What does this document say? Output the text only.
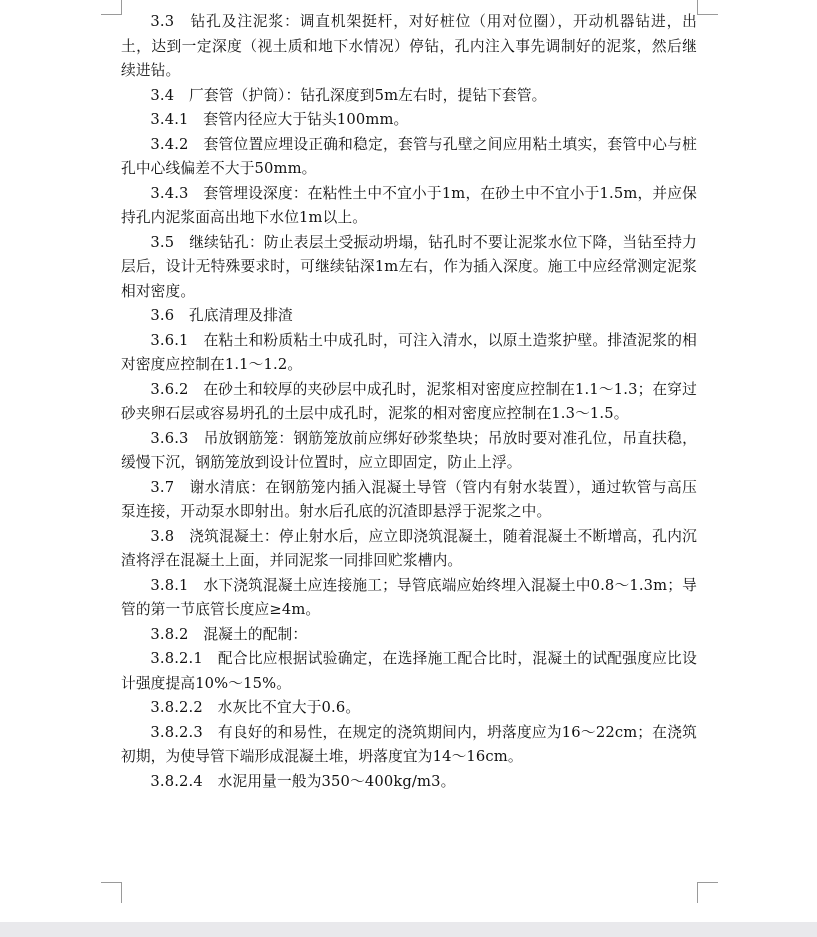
3.3　钻孔及注泥浆：调直机架挺杆，对好桩位（用对位圈），开动机器钻进，出土，达到一定深度（视土质和地下水情况）停钻，孔内注入事先调制好的泥浆，然后继续进钻。

3.4　厂套管（护筒）：钻孔深度到5m左右时，提钻下套管。

3.4.1　套管内径应大于钻头100mm。

3.4.2　套管位置应埋设正确和稳定，套管与孔壁之间应用粘土填实，套管中心与桩孔中心线偏差不大于50mm。

3.4.3　套管埋设深度：在粘性土中不宜小于1m，在砂土中不宜小于1.5m，并应保持孔内泥浆面高出地下水位1m以上。

3.5　继续钻孔：防止表层土受振动坍塌，钻孔时不要让泥浆水位下降，当钻至持力层后，设计无特殊要求时，可继续钻深1m左右，作为插入深度。施工中应经常测定泥浆相对密度。

3.6　孔底清理及排渣

3.6.1　在粘土和粉质粘土中成孔时，可注入清水，以原土造浆护壁。排渣泥浆的相对密度应控制在1.1～1.2。

3.6.2　在砂土和较厚的夹砂层中成孔时，泥浆相对密度应控制在1.1～1.3；在穿过砂夹卵石层或容易坍孔的土层中成孔时，泥浆的相对密度应控制在1.3～1.5。

3.6.3　吊放钢筋笼：钢筋笼放前应绑好砂浆垫块；吊放时要对准孔位，吊直扶稳，缓慢下沉，钢筋笼放到设计位置时，应立即固定，防止上浮。

3.7　谢水清底：在钢筋笼内插入混凝土导管（管内有射水装置），通过软管与高压泵连接，开动泵水即射出。射水后孔底的沉渣即悬浮于泥浆之中。

3.8　浇筑混凝土：停止射水后，应立即浇筑混凝土，随着混凝土不断增高，孔内沉渣将浮在混凝土上面，并同泥浆一同排回贮浆槽内。

3.8.1　水下浇筑混凝土应连接施工；导管底端应始终埋入混凝土中0.8～1.3m；导管的第一节底管长度应≥4m。

3.8.2　混凝土的配制：

3.8.2.1　配合比应根据试验确定，在选择施工配合比时，混凝土的试配强度应比设计强度提高10%～15%。

3.8.2.2　水灰比不宜大于0.6。

3.8.2.3　有良好的和易性，在规定的浇筑期间内，坍落度应为16～22cm；在浇筑初期，为使导管下端形成混凝土堆，坍落度宜为14～16cm。

3.8.2.4　水泥用量一般为350～400kg/m3。
